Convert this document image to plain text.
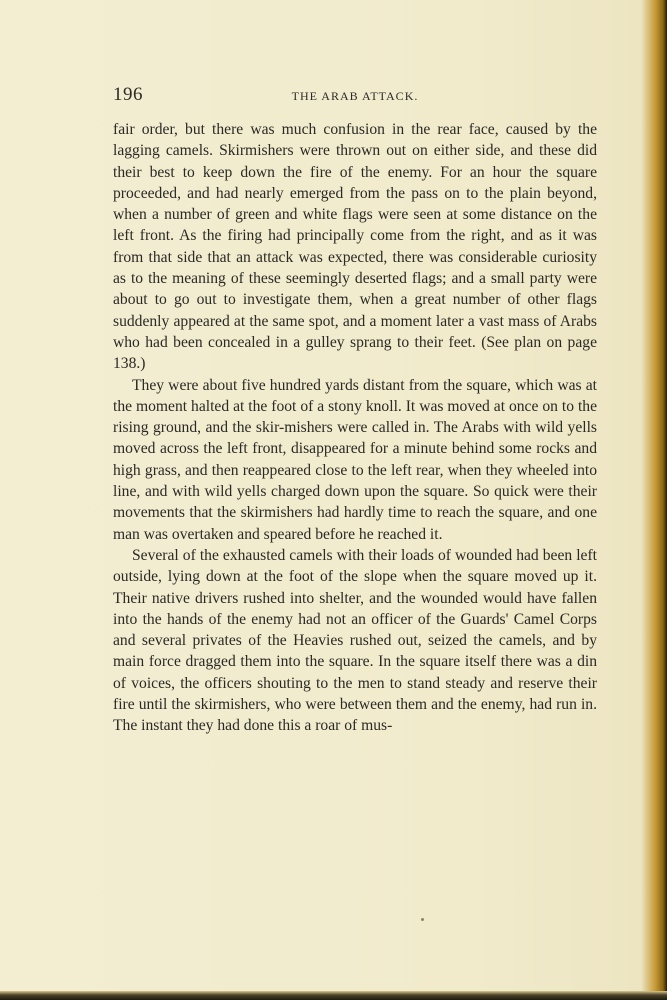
196	THE ARAB ATTACK.

fair order, but there was much confusion in the rear face, caused by the lagging camels. Skirmishers were thrown out on either side, and these did their best to keep down the fire of the enemy. For an hour the square proceeded, and had nearly emerged from the pass on to the plain beyond, when a number of green and white flags were seen at some distance on the left front. As the firing had principally come from the right, and as it was from that side that an attack was expected, there was considerable curiosity as to the meaning of these seemingly deserted flags; and a small party were about to go out to investigate them, when a great number of other flags suddenly appeared at the same spot, and a moment later a vast mass of Arabs who had been concealed in a gulley sprang to their feet. (See plan on page 138.)

They were about five hundred yards distant from the square, which was at the moment halted at the foot of a stony knoll. It was moved at once on to the rising ground, and the skir-mishers were called in. The Arabs with wild yells moved across the left front, disappeared for a minute behind some rocks and high grass, and then reappeared close to the left rear, when they wheeled into line, and with wild yells charged down upon the square. So quick were their movements that the skirmishers had hardly time to reach the square, and one man was overtaken and speared before he reached it.

Several of the exhausted camels with their loads of wounded had been left outside, lying down at the foot of the slope when the square moved up it. Their native drivers rushed into shelter, and the wounded would have fallen into the hands of the enemy had not an officer of the Guards' Camel Corps and several privates of the Heavies rushed out, seized the camels, and by main force dragged them into the square. In the square itself there was a din of voices, the officers shouting to the men to stand steady and reserve their fire until the skirmishers, who were between them and the enemy, had run in. The instant they had done this a roar of mus-
